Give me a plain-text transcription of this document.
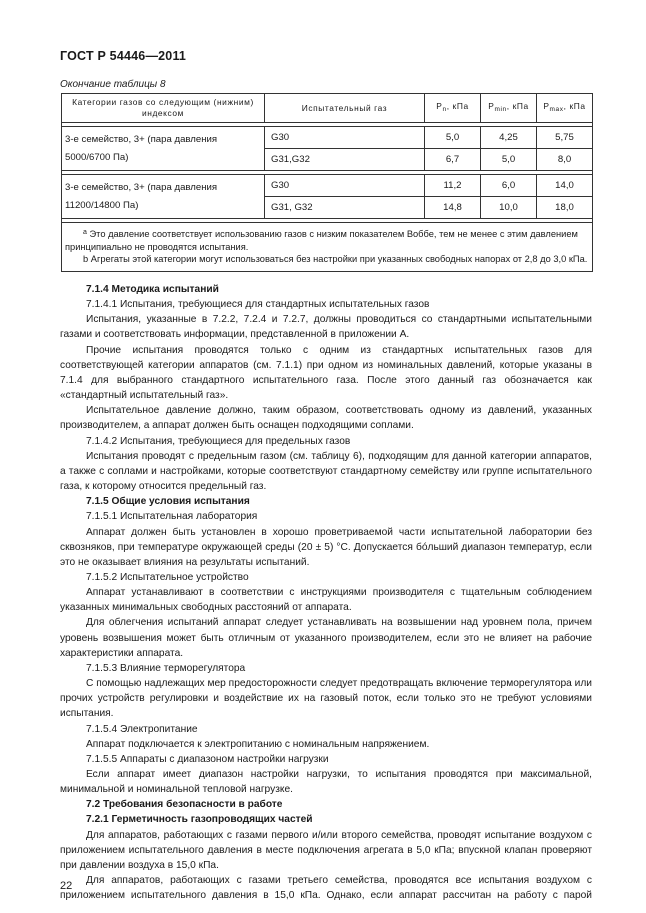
ГОСТ Р 54446—2011
Окончание таблицы 8
Категории газов со следующим (нижним) индексом	Испытательный газ	$P_n$, кПа	$P_{min}$, кПа	$P_{max}$, кПа

3-е семейство, 3+ (пара давления 5000/6700 Па)	G30	5,0	4,25	5,75
	G31,G32	6,7	5,0	8,0

3-е семейство, 3+ (пара давления 11200/14800 Па)	G30	11,2	6,0	14,0
	G31, G32	14,8	10,0	18,0

$^а$ Это давление соответствует использованию газов с низким показателем Воббе, тем не менее с этим давлением принципиально не проводятся испытания.
b Агрегаты этой категории могут использоваться без настройки при указанных свободных напорах от 2,8 до 3,0 кПа.				

7.1.4 Методика испытаний

7.1.4.1 Испытания, требующиеся для стандартных испытательных газов

Испытания, указанные в 7.2.2, 7.2.4 и 7.2.7, должны проводиться со стандартными испытательными газами и соответствовать информации, представленной в приложении А.

Прочие испытания проводятся только с одним из стандартных испытательных газов для соответствующей категории аппаратов (см. 7.1.1) при одном из номинальных давлений, которые указаны в 7.1.4 для выбранного стандартного испытательного газа. После этого данный газ обозначается как «стандартный испытательный газ».

Испытательное давление должно, таким образом, соответствовать одному из давлений, указанных производителем, а аппарат должен быть оснащен подходящими соплами.

7.1.4.2 Испытания, требующиеся для предельных газов

Испытания проводят с предельным газом (см. таблицу 6), подходящим для данной категории аппаратов, а также с соплами и настройками, которые соответствуют стандартному семейству или группе испытательного газа, к которому относится предельный газ.

7.1.5 Общие условия испытания

7.1.5.1 Испытательная лаборатория

Аппарат должен быть установлен в хорошо проветриваемой части испытательной лаборатории без сквозняков, при температуре окружающей среды (20 ± 5) °С. Допускается бóльший диапазон температур, если это не оказывает влияния на результаты испытаний.

7.1.5.2 Испытательное устройство

Аппарат устанавливают в соответствии с инструкциями производителя с тщательным соблюдением указанных минимальных свободных расстояний от аппарата.

Для облегчения испытаний аппарат следует устанавливать на возвышении над уровнем пола, причем уровень возвышения может быть отличным от указанного производителем, если это не влияет на рабочие характеристики аппарата.

7.1.5.3 Влияние терморегулятора

С помощью надлежащих мер предосторожности следует предотвращать включение терморегулятора или прочих устройств регулировки и воздействие их на газовый поток, если только это не требуют условиями испытания.

7.1.5.4 Электропитание

Аппарат подключается к электропитанию с номинальным напряжением.

7.1.5.5 Аппараты с диапазоном настройки нагрузки

Если аппарат имеет диапазон настройки нагрузки, то испытания проводятся при максимальной, минимальной и номинальной тепловой нагрузке.

7.2 Требования безопасности в работе

7.2.1 Герметичность газопроводящих частей

Для аппаратов, работающих с газами первого и/или второго семейства, проводят испытание воздухом с приложением испытательного давления в месте подключения агрегата в 5,0 кПа; впускной клапан проверяют при давлении воздуха в 15,0 кПа.

Для аппаратов, работающих с газами третьего семейства, проводятся все испытания воздухом с приложением испытательного давления в 15,0 кПа. Однако, если аппарат рассчитан на работу с парой

22
